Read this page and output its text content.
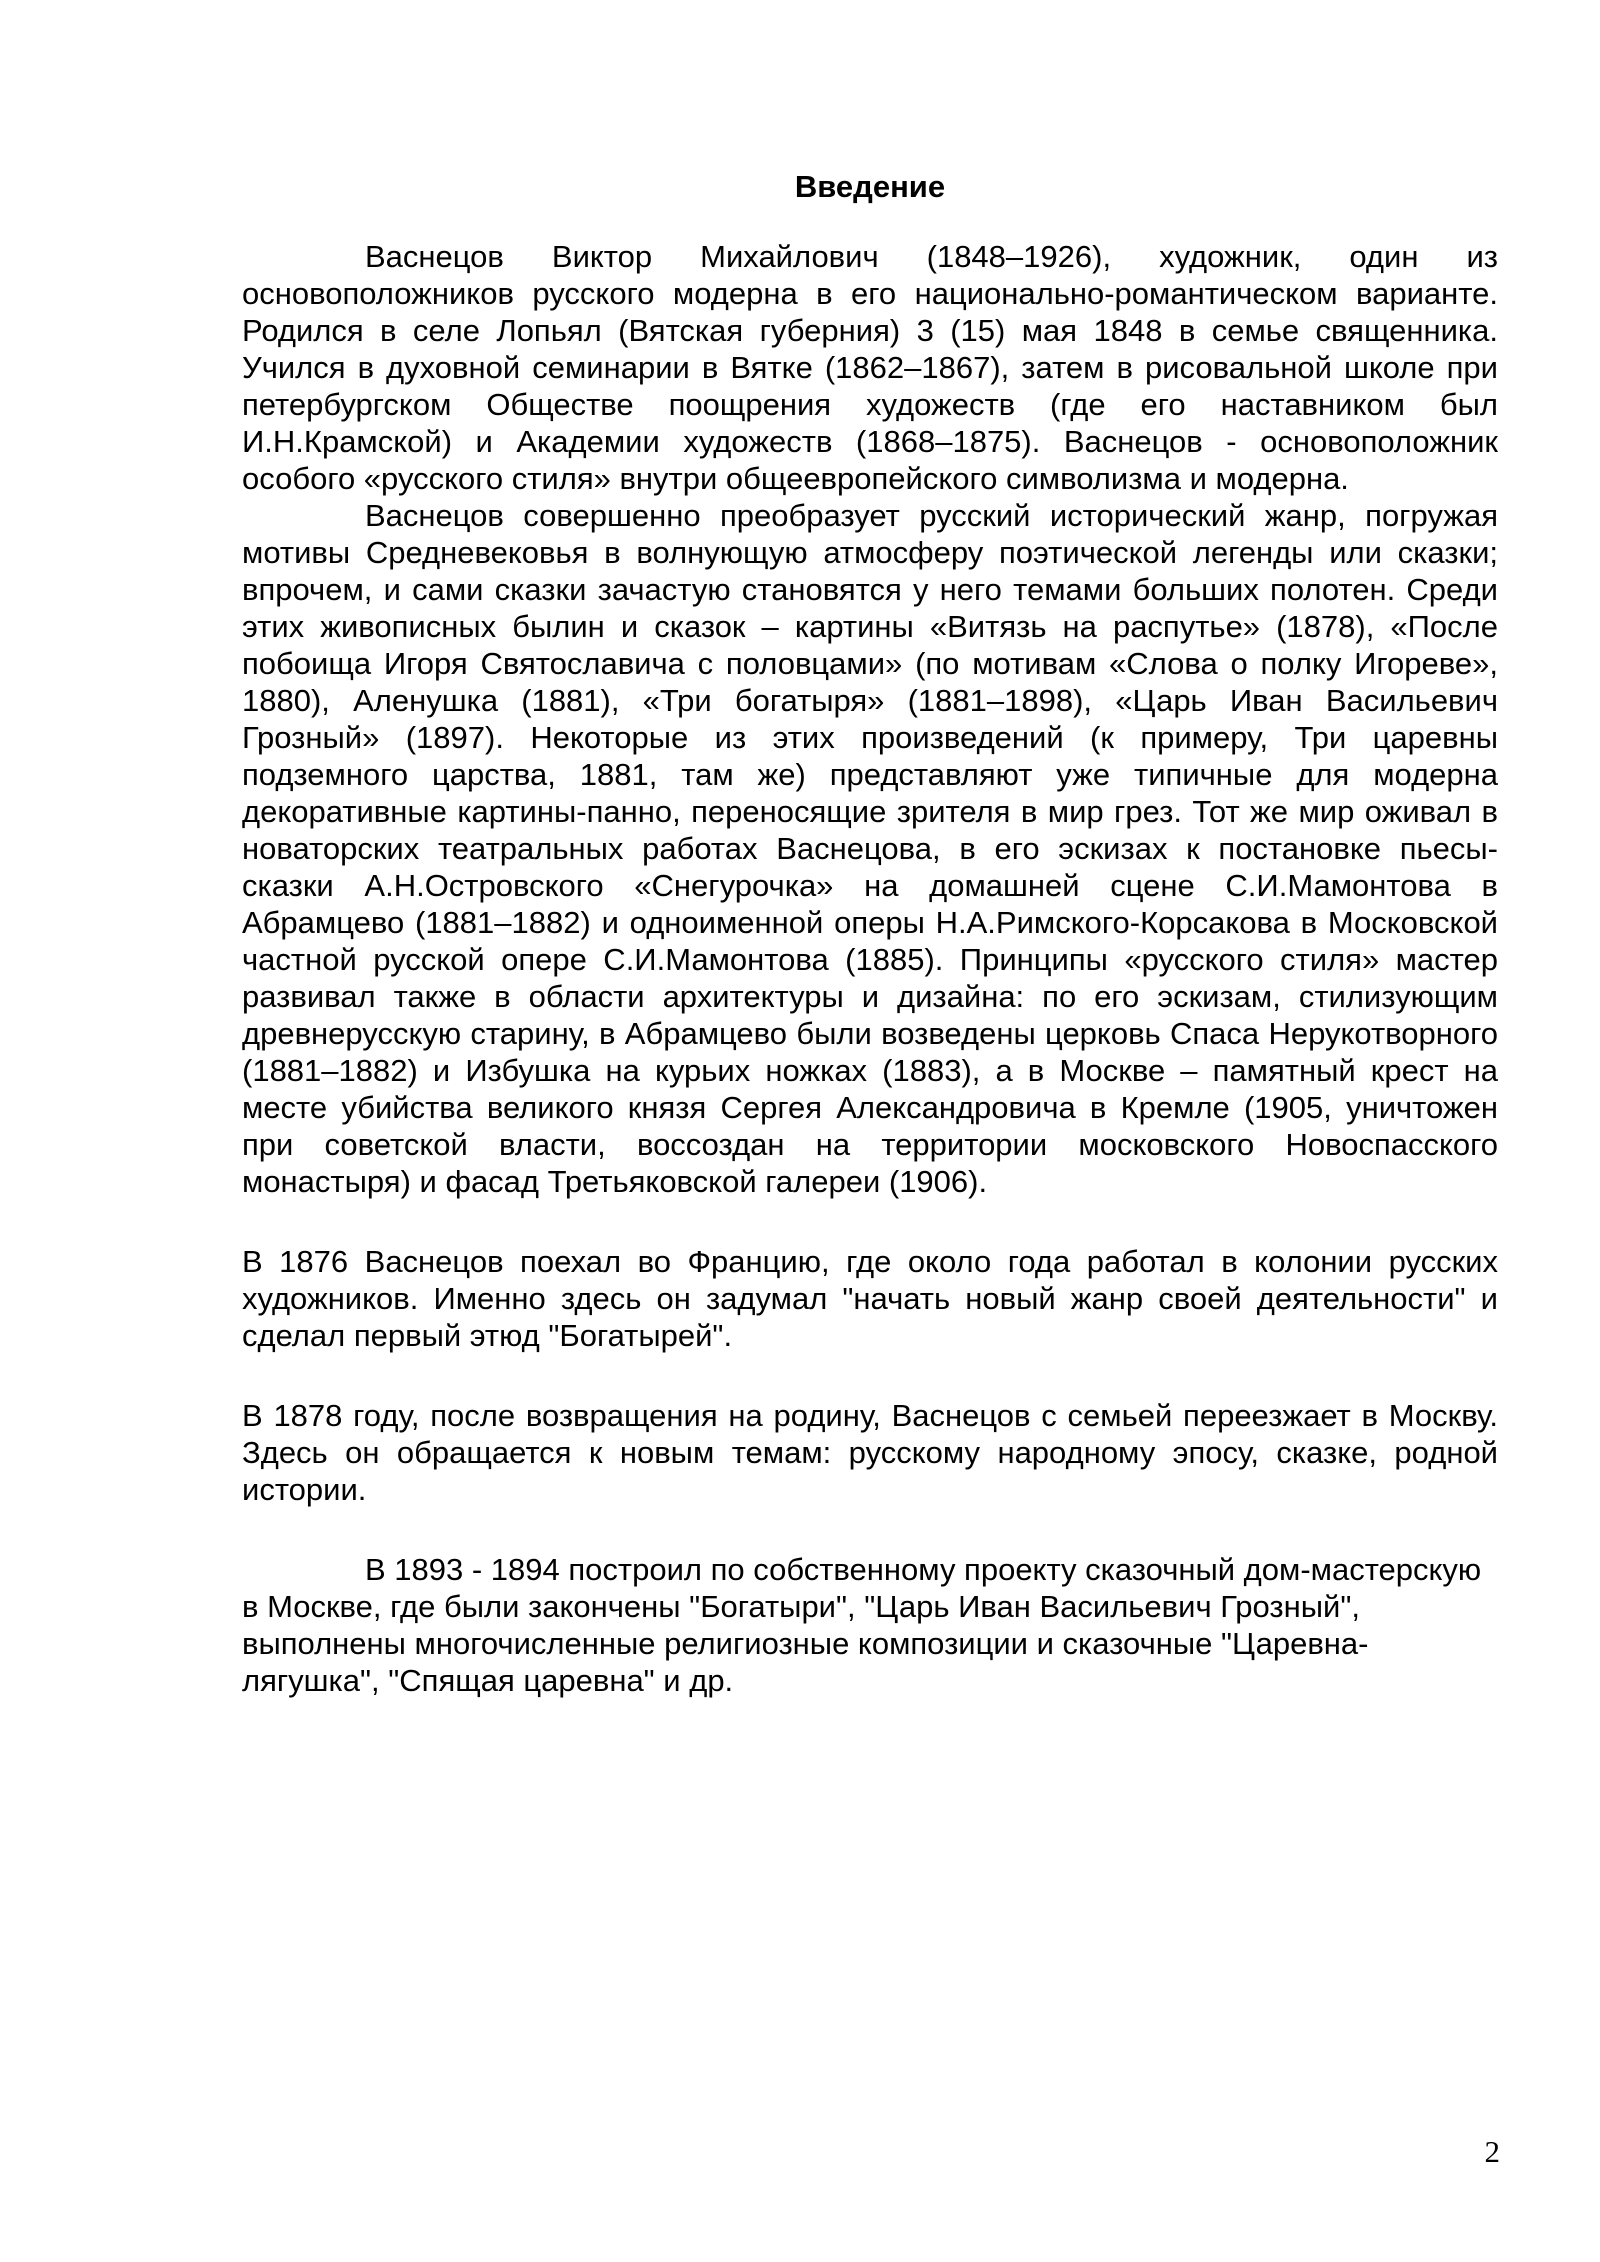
Введение

Васнецов Виктор Михайлович (1848–1926), художник, один из основоположников русского модерна в его национально-романтическом варианте. Родился в селе Лопьял (Вятская губерния) 3 (15) мая 1848 в семье священника. Учился в духовной семинарии в Вятке (1862–1867), затем в рисовальной школе при петербургском Обществе поощрения художеств (где его наставником был И.Н.Крамской) и Академии художеств (1868–1875). Васнецов - основоположник особого «русского стиля» внутри общеевропейского символизма и модерна.

Васнецов совершенно преобразует русский исторический жанр, погружая мотивы Средневековья в волнующую атмосферу поэтической легенды или сказки; впрочем, и сами сказки зачастую становятся у него темами больших полотен. Среди этих живописных былин и сказок – картины «Витязь на распутье» (1878), «После побоища Игоря Святославича с половцами» (по мотивам «Слова о полку Игореве», 1880), Аленушка (1881), «Три богатыря» (1881–1898), «Царь Иван Васильевич Грозный» (1897). Некоторые из этих произведений (к примеру, Три царевны подземного царства, 1881, там же) представляют уже типичные для модерна декоративные картины-панно, переносящие зрителя в мир грез. Тот же мир оживал в новаторских театральных работах Васнецова, в его эскизах к постановке пьесы-сказки А.Н.Островского «Снегурочка» на домашней сцене С.И.Мамонтова в Абрамцево (1881–1882) и одноименной оперы Н.А.Римского-Корсакова в Московской частной русской опере С.И.Мамонтова (1885). Принципы «русского стиля» мастер развивал также в области архитектуры и дизайна: по его эскизам, стилизующим древнерусскую старину, в Абрамцево были возведены церковь Спаса Нерукотворного (1881–1882) и Избушка на курьих ножках (1883), а в Москве – памятный крест на месте убийства великого князя Сергея Александровича в Кремле (1905, уничтожен при советской власти, воссоздан на территории московского Новоспасского монастыря) и фасад Третьяковской галереи (1906).

В 1876 Васнецов поехал во Францию, где около года работал в колонии русских художников. Именно здесь он задумал "начать новый жанр своей деятельности" и сделал первый этюд "Богатырей".

В 1878 году, после возвращения на родину, Васнецов с семьей переезжает в Москву. Здесь он обращается к новым темам: русскому народному эпосу, сказке, родной истории.

В 1893 - 1894 построил по собственному проекту сказочный дом-мастерскую в Москве, где были закончены "Богатыри", "Царь Иван Васильевич Грозный", выполнены многочисленные религиозные композиции и сказочные "Царевна-лягушка", "Спящая царевна" и др.

2
